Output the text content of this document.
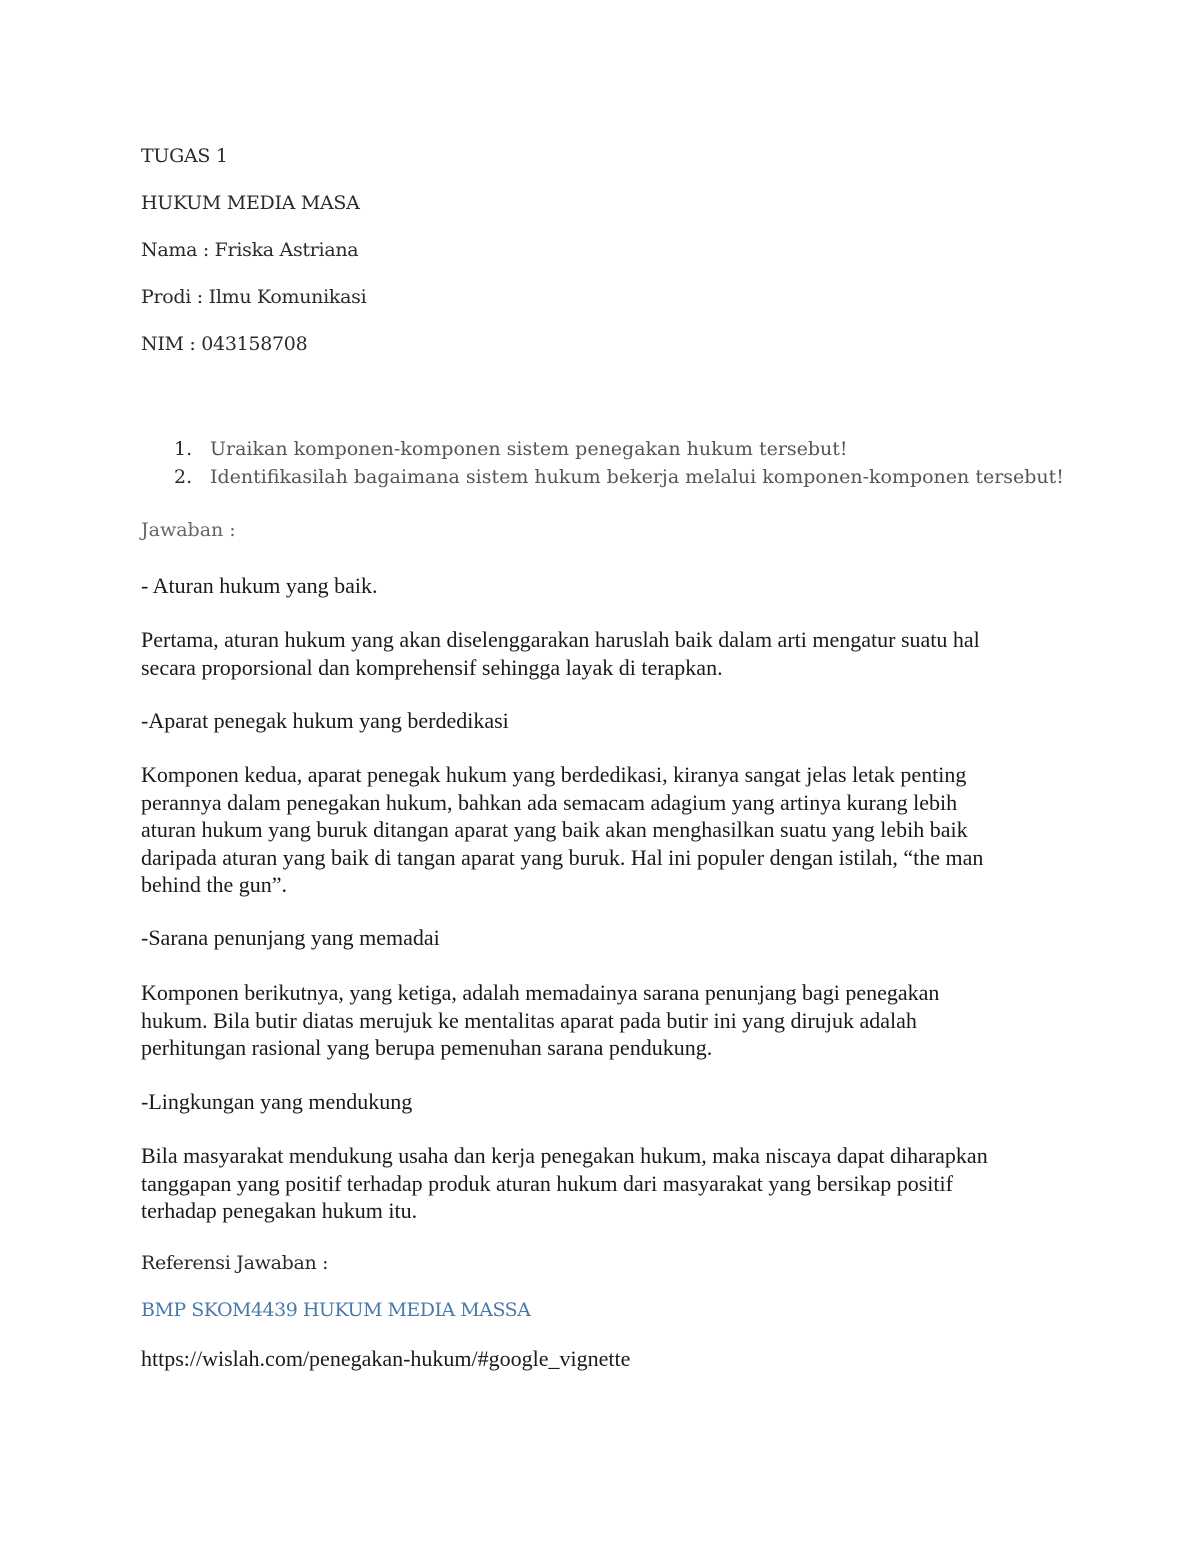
TUGAS 1
HUKUM MEDIA MASA
Nama : Friska Astriana
Prodi : Ilmu Komunikasi
NIM : 043158708
1. Uraikan komponen-komponen sistem penegakan hukum tersebut!
2. Identifikasilah bagaimana sistem hukum bekerja melalui komponen-komponen tersebut!
Jawaban :
- Aturan hukum yang baik.
Pertama, aturan hukum yang akan diselenggarakan haruslah baik dalam arti mengatur suatu hal
secara proporsional dan komprehensif sehingga layak di terapkan.
-Aparat penegak hukum yang berdedikasi
Komponen kedua, aparat penegak hukum yang berdedikasi, kiranya sangat jelas letak penting
perannya dalam penegakan hukum, bahkan ada semacam adagium yang artinya kurang lebih
aturan hukum yang buruk ditangan aparat yang baik akan menghasilkan suatu yang lebih baik
daripada aturan yang baik di tangan aparat yang buruk. Hal ini populer dengan istilah, “the man
behind the gun”.
-Sarana penunjang yang memadai
Komponen berikutnya, yang ketiga, adalah memadainya sarana penunjang bagi penegakan
hukum. Bila butir diatas merujuk ke mentalitas aparat pada butir ini yang dirujuk adalah
perhitungan rasional yang berupa pemenuhan sarana pendukung.
-Lingkungan yang mendukung
Bila masyarakat mendukung usaha dan kerja penegakan hukum, maka niscaya dapat diharapkan
tanggapan yang positif terhadap produk aturan hukum dari masyarakat yang bersikap positif
terhadap penegakan hukum itu.
Referensi Jawaban :
BMP SKOM4439 HUKUM MEDIA MASSA
https://wislah.com/penegakan-hukum/#google_vignette
